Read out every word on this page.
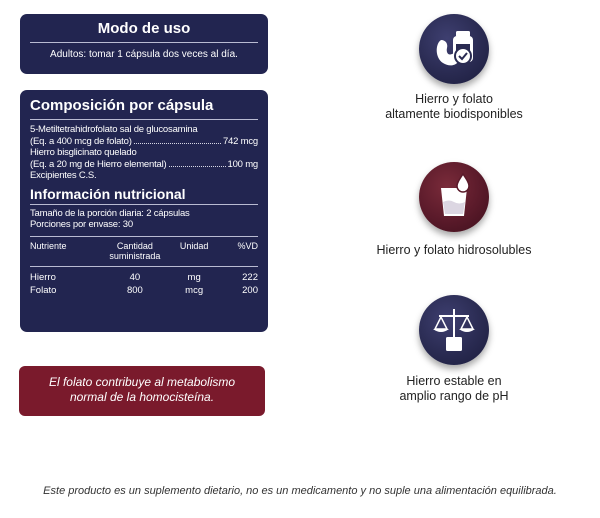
Modo de uso
Adultos: tomar 1 cápsula dos veces al día.
Composición por cápsula
5-Metiltetrahidrofolato sal de glucosamina
(Eq. a 400 mcg de folato)	742 mcg
Hierro bisglicinato quelado
(Eq. a 20 mg de Hierro elemental)	100 mg
Excipientes C.S.
Información nutricional
Tamaño de la porción diaria: 2 cápsulas
Porciones por envase: 30
Nutriente	Cantidad suministrada	Unidad	%VD

Hierro	40	mg	222
Folato	800	mcg	200
El folato contribuye al metabolismo normal de la homocisteína.
Hierro y folato
altamente biodisponibles
Hierro y folato hidrosolubles
Hierro estable en
amplio rango de pH
Este producto es un suplemento dietario, no es un medicamento y no suple una alimentación equilibrada.
